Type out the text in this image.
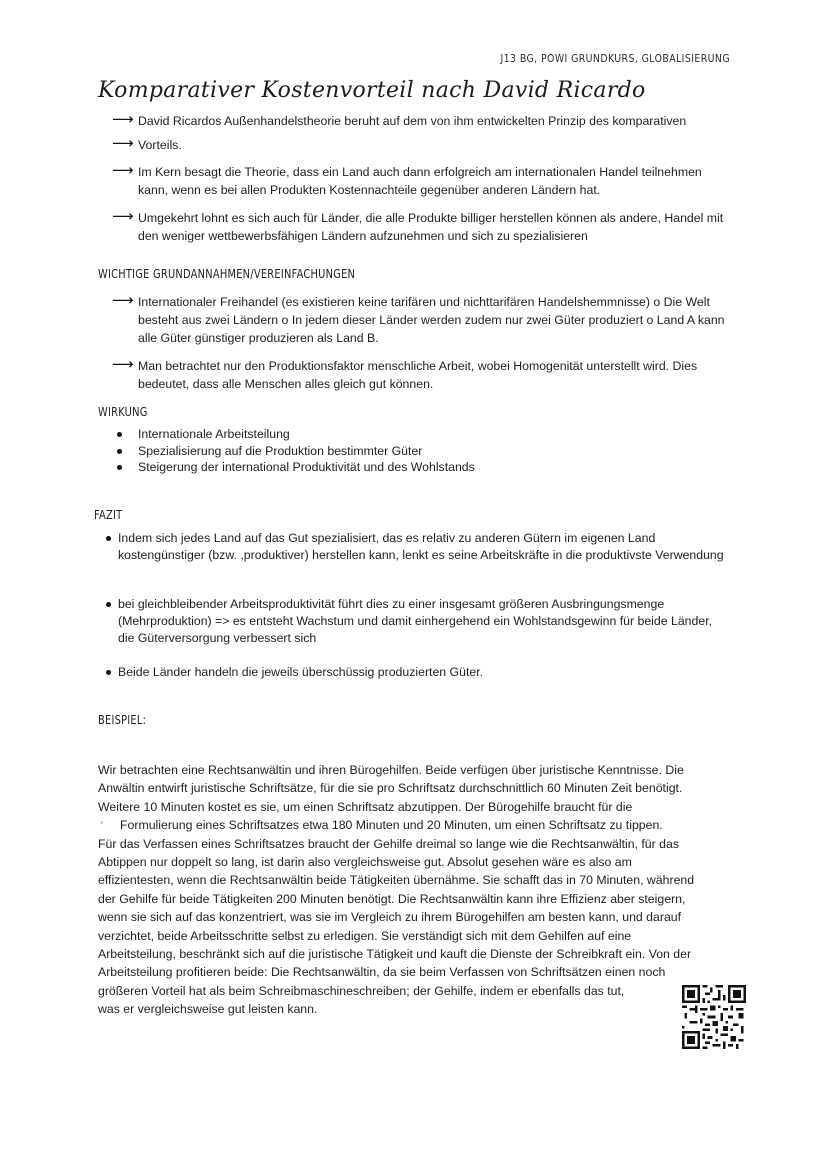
J13 BG, POWI GRUNDKURS, GLOBALISIERUNG
Komparativer Kostenvorteil nach David Ricardo
⟶ David Ricardos Außenhandelstheorie beruht auf dem von ihm entwickelten Prinzip des komparativen
⟶ Vorteils.
⟶ Im Kern besagt die Theorie, dass ein Land auch dann erfolgreich am internationalen Handel teilnehmen kann, wenn es bei allen Produkten Kostennachteile gegenüber anderen Ländern hat.
⟶ Umgekehrt lohnt es sich auch für Länder, die alle Produkte billiger herstellen können als andere, Handel mit den weniger wettbewerbsfähigen Ländern aufzunehmen und sich zu spezialisieren
WICHTIGE GRUNDANNAHMEN/VEREINFACHUNGEN
⟶ Internationaler Freihandel (es existieren keine tarifären und nichttarifären Handelshemmnisse) o Die Welt besteht aus zwei Ländern o In jedem dieser Länder werden zudem nur zwei Güter produziert o Land A kann alle Güter günstiger produzieren als Land B.
⟶ Man betrachtet nur den Produktionsfaktor menschliche Arbeit, wobei Homogenität unterstellt wird. Dies bedeutet, dass alle Menschen alles gleich gut können.
WIRKUNG
Internationale Arbeitsteilung
Spezialisierung auf die Produktion bestimmter Güter
Steigerung der international Produktivität und des Wohlstands
FAZIT
Indem sich jedes Land auf das Gut spezialisiert, das es relativ zu anderen Gütern im eigenen Land kostengünstiger (bzw. ,produktiver) herstellen kann, lenkt es seine Arbeitskräfte in die produktivste Verwendung
bei gleichbleibender Arbeitsproduktivität führt dies zu einer insgesamt größeren Ausbringungsmenge (Mehrproduktion) => es entsteht Wachstum und damit einhergehend ein Wohlstandsgewinn für beide Länder, die Güterversorgung verbessert sich
Beide Länder handeln die jeweils überschüssig produzierten Güter.
BEISPIEL:
Wir betrachten eine Rechtsanwältin und ihren Bürogehilfen. Beide verfügen über juristische Kenntnisse. Die
Anwältin entwirft juristische Schriftsätze, für die sie pro Schriftsatz durchschnittlich 60 Minuten Zeit benötigt.
Weitere 10 Minuten kostet es sie, um einen Schriftsatz abzutippen. Der Bürogehilfe braucht für die
• Formulierung eines Schriftsatzes etwa 180 Minuten und 20 Minuten, um einen Schriftsatz zu tippen.
Für das Verfassen eines Schriftsatzes braucht der Gehilfe dreimal so lange wie die Rechtsanwältin, für das
Abtippen nur doppelt so lang, ist darin also vergleichsweise gut. Absolut gesehen wäre es also am
effizientesten, wenn die Rechtsanwältin beide Tätigkeiten übernähme. Sie schafft das in 70 Minuten, während
der Gehilfe für beide Tätigkeiten 200 Minuten benötigt. Die Rechtsanwältin kann ihre Effizienz aber steigern,
wenn sie sich auf das konzentriert, was sie im Vergleich zu ihrem Bürogehilfen am besten kann, und darauf
verzichtet, beide Arbeitsschritte selbst zu erledigen. Sie verständigt sich mit dem Gehilfen auf eine
Arbeitsteilung, beschränkt sich auf die juristische Tätigkeit und kauft die Dienste der Schreibkraft ein. Von der
Arbeitsteilung profitieren beide: Die Rechtsanwältin, da sie beim Verfassen von Schriftsätzen einen noch
größeren Vorteil hat als beim Schreibmaschineschreiben; der Gehilfe, indem er ebenfalls das tut,
was er vergleichsweise gut leisten kann.
